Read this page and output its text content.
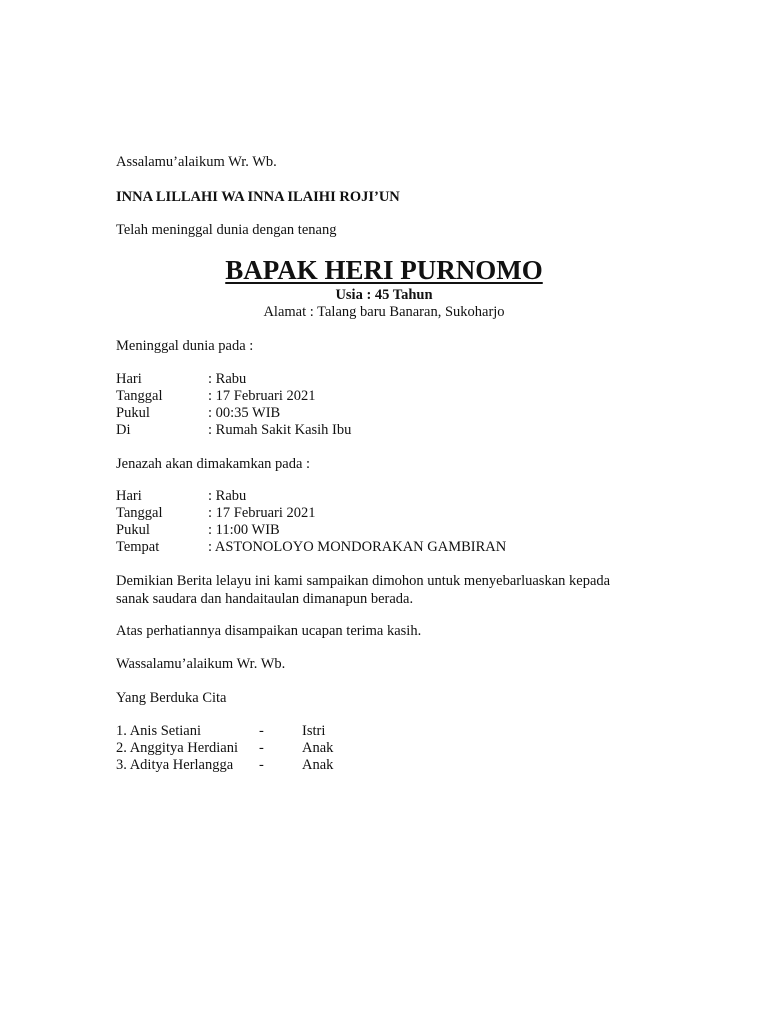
Assalamu’alaikum Wr. Wb.
INNA LILLAHI WA INNA ILAIHI ROJI’UN
Telah meninggal dunia dengan tenang
BAPAK HERI PURNOMO
Usia : 45 Tahun
Alamat : Talang baru Banaran, Sukoharjo
Meninggal dunia pada :
Hari	: Rabu
Tanggal	: 17 Februari 2021
Pukul	: 00:35 WIB
Di	: Rumah Sakit Kasih Ibu
Jenazah akan dimakamkan pada :
Hari	: Rabu
Tanggal	: 17 Februari 2021
Pukul	: 11:00 WIB
Tempat	: ASTONOLOYO MONDORAKAN GAMBIRAN
Demikian Berita lelayu ini kami sampaikan dimohon untuk menyebarluaskan kepada sanak saudara dan handaitaulan dimanapun berada.
Atas perhatiannya disampaikan ucapan terima kasih.
Wassalamu’alaikum Wr. Wb.
Yang Berduka Cita
1. Anis Setiani	-	Istri
2. Anggitya Herdiani -	Anak
3. Aditya Herlangga -	Anak
